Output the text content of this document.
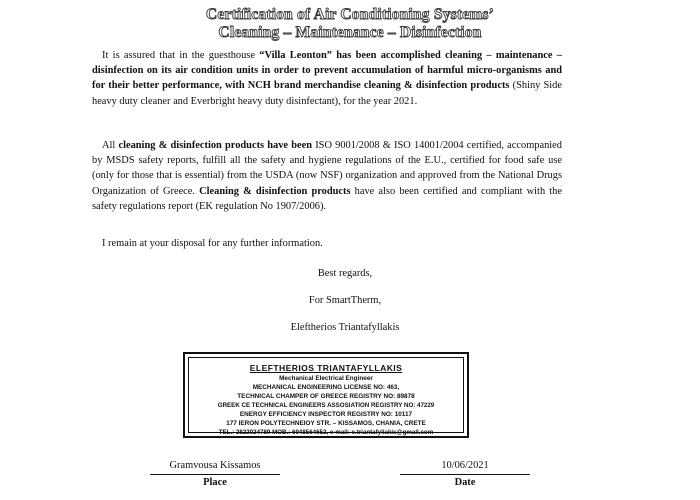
Certification of Air Conditioning Systems’
Cleaning – Maintenance – Disinfection

It is assured that in the guesthouse “Villa Leonton” has been accomplished cleaning – maintenance – disinfection on its air condition units in order to prevent accumulation of harmful micro-organisms and for their better performance, with NCH brand merchandise cleaning & disinfection products (Shiny Side heavy duty cleaner and Everbright heavy duty disinfectant), for the year 2021.

All cleaning & disinfection products have been ISO 9001/2008 & ISO 14001/2004 certified, accompanied by MSDS safety reports, fulfill all the safety and hygiene regulations of the E.U., certified for food safe use (only for those that is essential) from the USDA (now NSF) organization and approved from the National Drugs Organization of Greece. Cleaning & disinfection products have also been certified and compliant with the safety regulations report (EK regulation No 1907/2006).

I remain at your disposal for any further information.

Best regards,
For SmartTherm,
Eleftherios Triantafyllakis
ELEFTHERIOS TRIANTAFYLLAKIS
Mechanical Electrical Engineer
MECHANICAL ENGINEERING LICENSE NO: 463,
TECHNICAL CHAMPER OF GREECE REGISTRY NO: 89878
GREEK CE TECHNICAL ENGINEERS ASSOSIATION REGISTRY NO: 47229
ENERGY EFFICIENCY INSPECTOR REGISTRY NO: 10117
177 IERON POLYTECHNEIOY STR. – KISSAMOS, CHANIA, CRETE
TEL.: 2822024789 MOB.: 6948564652, e-mail: e.triantafyllakis@gmail.com
Gramvousa Kissamos
Place
10/06/2021
Date
